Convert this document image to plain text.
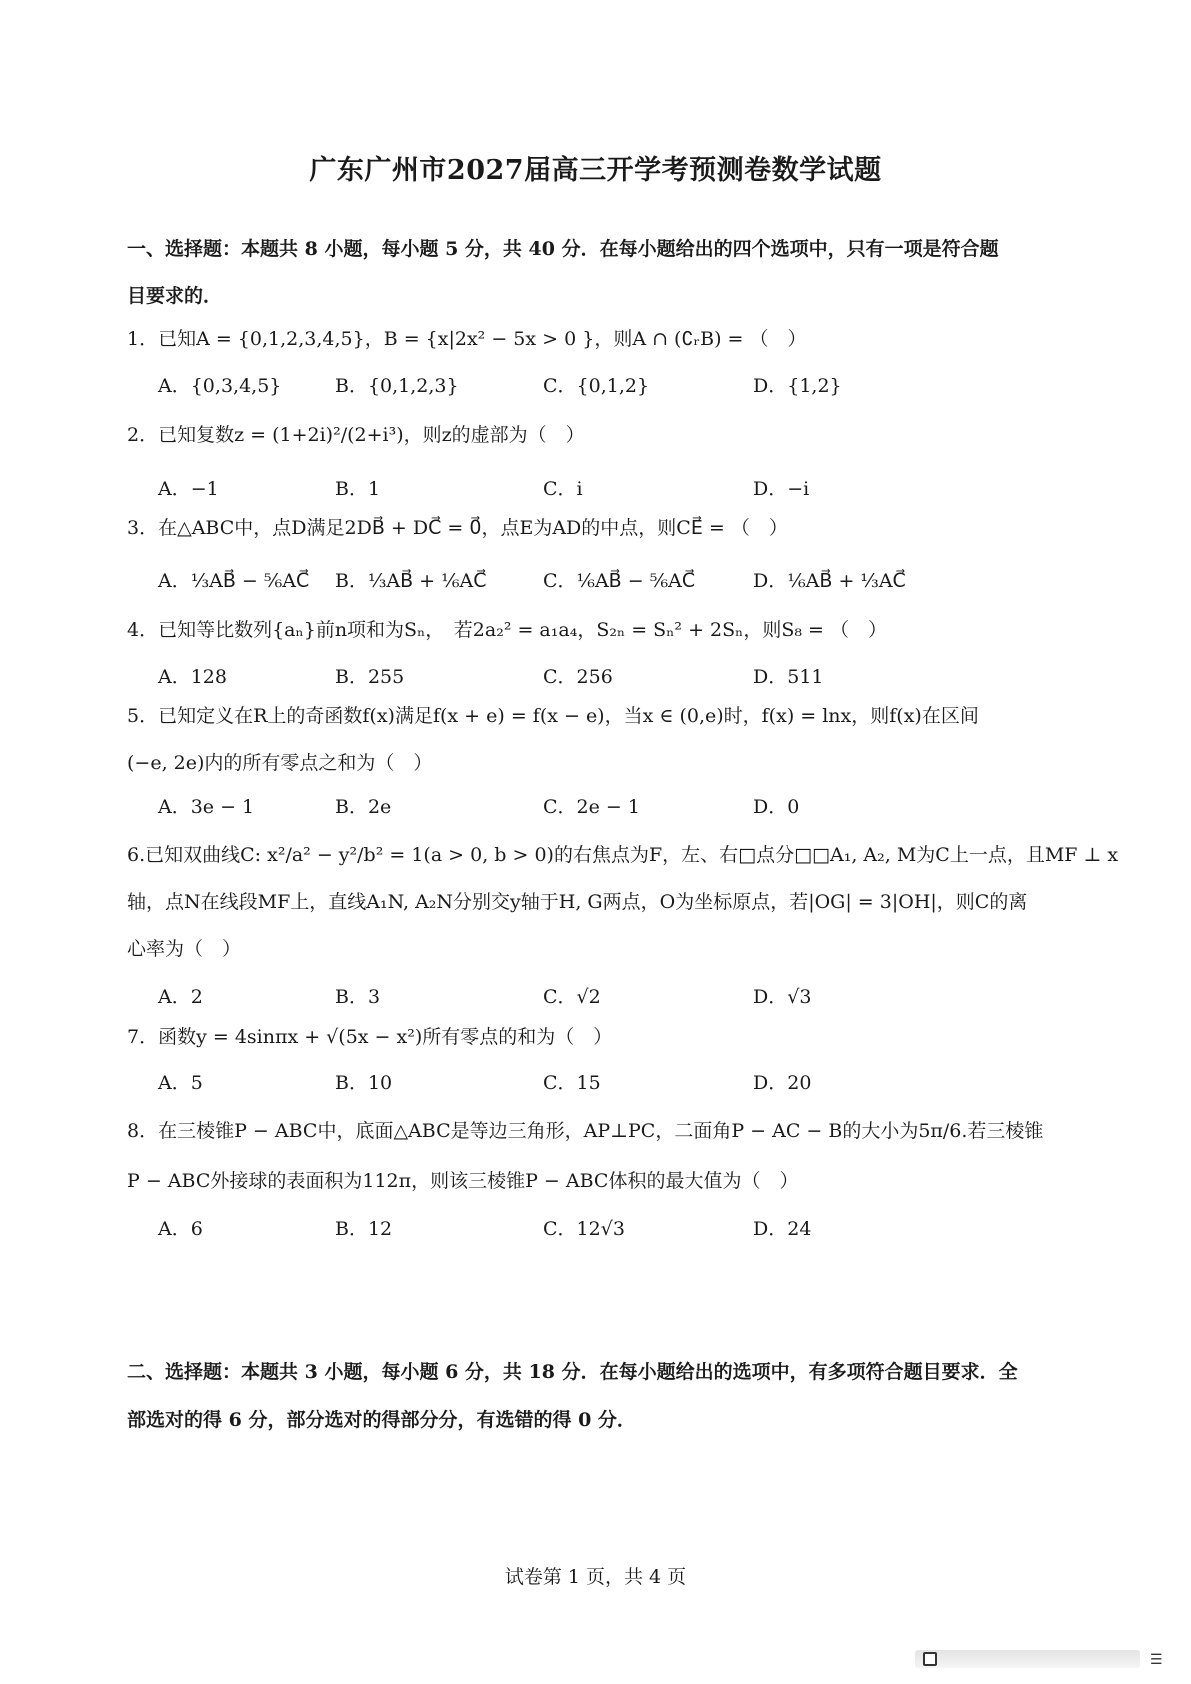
广东广州市2027届高三开学考预测卷数学试题
一、选择题：本题共 8 小题，每小题 5 分，共 40 分．在每小题给出的四个选项中，只有一项是符合题
目要求的．
1．已知A = {0,1,2,3,4,5}，B = {x|2x² − 5x > 0 }，则A ∩ (∁ᵣB) = （　）
A．{0,3,4,5}	B．{0,1,2,3}	C．{0,1,2}	D．{1,2}
2．已知复数z = (1+2i)²/(2+i³)，则z的虚部为（　）
A．−1	B．1	C．i	D．−i
3．在△ABC中，点D满足2DB⃗ + DC⃗ = 0⃗，点E为AD的中点，则CE⃗ = （　）
A．⅓AB⃗ − ⅚AC⃗ B．⅓AB⃗ + ⅙AC⃗	C．⅙AB⃗ − ⅚AC⃗	D．⅙AB⃗ + ⅓AC⃗
4．已知等比数列{aₙ}前n项和为Sₙ，　若2a₂² = a₁a₄，S₂ₙ = Sₙ² + 2Sₙ，则S₈ = （　）
A．128	B．255	C．256	D．511
5．已知定义在R上的奇函数f(x)满足f(x + e) = f(x − e)，当x ∈ (0,e)时，f(x) = lnx，则f(x)在区间
(−e, 2e)内的所有零点之和为（　）
A．3e − 1	B．2e	C．2e − 1	D．0
6.已知双曲线C: x²/a² − y²/b² = 1(a > 0, b > 0)的右焦点为F，左、右□点分□□A₁, A₂, M为C上一点，且MF ⊥ x
轴，点N在线段MF上，直线A₁N, A₂N分别交y轴于H, G两点，O为坐标原点，若|OG| = 3|OH|，则C的离
心率为（　）
A．2	B．3	C．√2	D．√3
7．函数y = 4sinπx + √(5x − x²)所有零点的和为（　）
A．5	B．10	C．15	D．20
8．在三棱锥P − ABC中，底面△ABC是等边三角形，AP⊥PC，二面角P − AC − B的大小为5π/6.若三棱锥
P − ABC外接球的表面积为112π，则该三棱锥P − ABC体积的最大值为（　）
A．6	B．12	C．12√3	D．24
二、选择题：本题共 3 小题，每小题 6 分，共 18 分．在每小题给出的选项中，有多项符合题目要求．全
部选对的得 6 分，部分选对的得部分分，有选错的得 0 分．
试卷第 1 页，共 4 页
☰
